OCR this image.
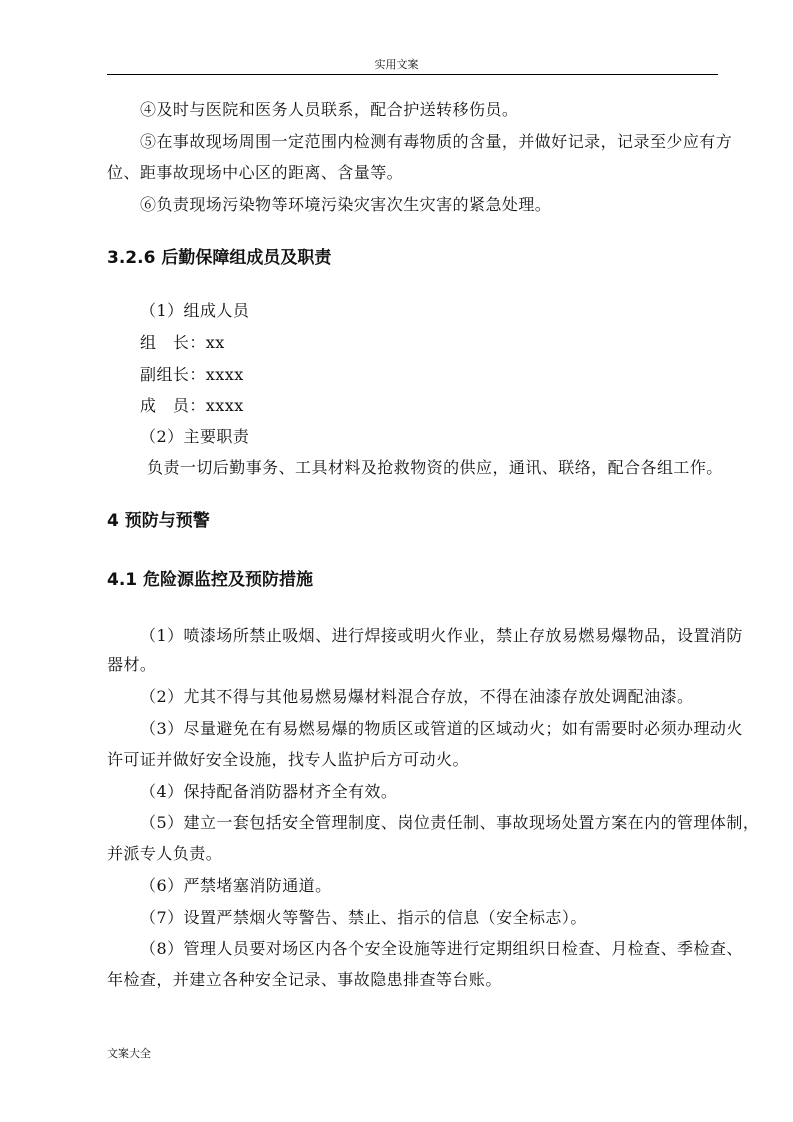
实用文案
④及时与医院和医务人员联系，配合护送转移伤员。
⑤在事故现场周围一定范围内检测有毒物质的含量，并做好记录，记录至少应有方
位、距事故现场中心区的距离、含量等。
⑥负责现场污染物等环境污染灾害次生灾害的紧急处理。
3.2.6 后勤保障组成员及职责
（1）组成人员
组　长：xx
副组长：xxxx
成　员：xxxx
（2）主要职责
负责一切后勤事务、工具材料及抢救物资的供应，通讯、联络，配合各组工作。
4 预防与预警
4.1 危险源监控及预防措施
（1）喷漆场所禁止吸烟、进行焊接或明火作业，禁止存放易燃易爆物品，设置消防
器材。
（2）尤其不得与其他易燃易爆材料混合存放，不得在油漆存放处调配油漆。
（3）尽量避免在有易燃易爆的物质区或管道的区域动火；如有需要时必须办理动火
许可证并做好安全设施，找专人监护后方可动火。
（4）保持配备消防器材齐全有效。
（5）建立一套包括安全管理制度、岗位责任制、事故现场处置方案在内的管理体制，
并派专人负责。
（6）严禁堵塞消防通道。
（7）设置严禁烟火等警告、禁止、指示的信息（安全标志）。
（8）管理人员要对场区内各个安全设施等进行定期组织日检查、月检查、季检查、
年检查，并建立各种安全记录、事故隐患排查等台账。
文案大全
